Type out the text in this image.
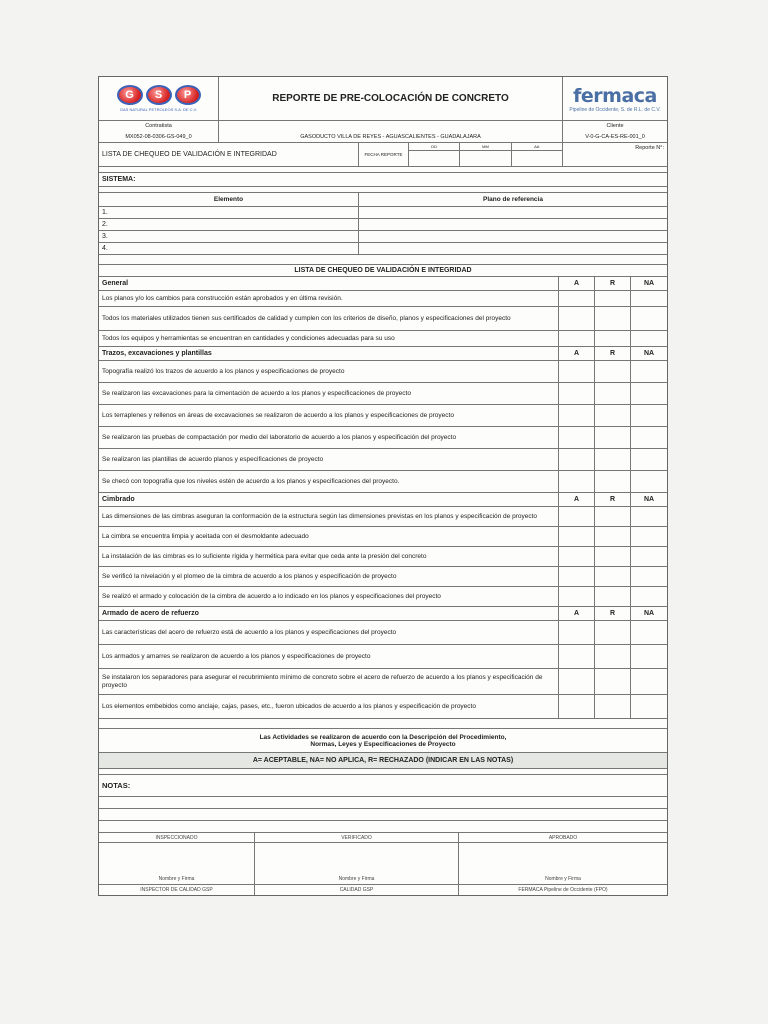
G	S	P
GAS NATURAL PETROLEOS S.A. DE C.V.
REPORTE DE PRE-COLOCACIÓN DE CONCRETO	fermaca
Pipeline de Occidente, S. de R.L. de C.V.
Contratista	Cliente
MX052-08-0306-GS-049_0	GASODUCTO VILLA DE REYES - AGUASCALIENTES - GUADALAJARA	V-0-G-CA-ES-RE-001_0
LISTA DE CHEQUEO DE VALIDACIÓN E INTEGRIDAD	FECHA REPORTE
DD	MM	AA	Reporte N°:
SISTEMA:
Elemento	Plano de referencia
1.
2.
3.
4.
LISTA DE CHEQUEO DE VALIDACIÓN E INTEGRIDAD
General	A	R	NA
Los planos y/o los cambios para construcción están aprobados y en última revisión.
Todos los materiales utilizados tienen sus certificados de calidad y cumplen con los criterios de diseño, planos y especificaciones del proyecto
Todos los equipos y herramientas se encuentran en cantidades y condiciones adecuadas para su uso
Trazos, excavaciones y plantillas	A	R	NA
Topografía realizó los trazos de acuerdo a los planos y especificaciones de proyecto
Se realizaron las excavaciones para la cimentación de acuerdo a los planos y especificaciones de proyecto
Los terraplenes y rellenos en áreas de excavaciones se realizaron de acuerdo a los planos y especificaciones de proyecto
Se realizaron las pruebas de compactación por medio del laboratorio de acuerdo a los planos y especificación del proyecto
Se realizaron las plantillas de acuerdo planos y especificaciones de proyecto
Se checó con topografía que los niveles estén de acuerdo a los planos y especificaciones del proyecto.
Cimbrado	A	R	NA
Las dimensiones de las cimbras aseguran la conformación de la estructura según las dimensiones previstas en los planos y especificación de proyecto
La cimbra se encuentra limpia y aceitada con el desmoldante adecuado
La instalación de las cimbras es lo suficiente rígida y hermética para evitar que ceda ante la presión del concreto
Se verificó la nivelación y el plomeo de la cimbra de acuerdo a los planos y especificación de proyecto
Se realizó el armado y colocación de la cimbra de acuerdo a lo indicado en los planos y especificaciones del proyecto
Armado de acero de refuerzo	A	R	NA
Las características del acero de refuerzo está de acuerdo a los planos y especificaciones del proyecto
Los armados y amarres se realizaron de acuerdo a los planos y especificaciones de proyecto
Se instalaron los separadores para asegurar el recubrimiento mínimo de concreto sobre el acero de refuerzo de acuerdo a los planos y especificación de proyecto
Los elementos embebidos como anclaje, cajas, pases, etc., fueron ubicados de acuerdo a los planos y especificación de proyecto
Las Actividades se realizaron de acuerdo con la Descripción del Procedimiento,
Normas, Leyes y Especificaciones de Proyecto
A= ACEPTABLE, NA= NO APLICA, R= RECHAZADO (INDICAR EN LAS NOTAS)
NOTAS:
INSPECCIONADO	VERIFICADO	APROBADO
Nombre y Firma	Nombre y Firma	Nombre y Firma
INSPECTOR DE CALIDAD GSP	CALIDAD GSP	FERMACA Pipeline de Occidente (FPO)
